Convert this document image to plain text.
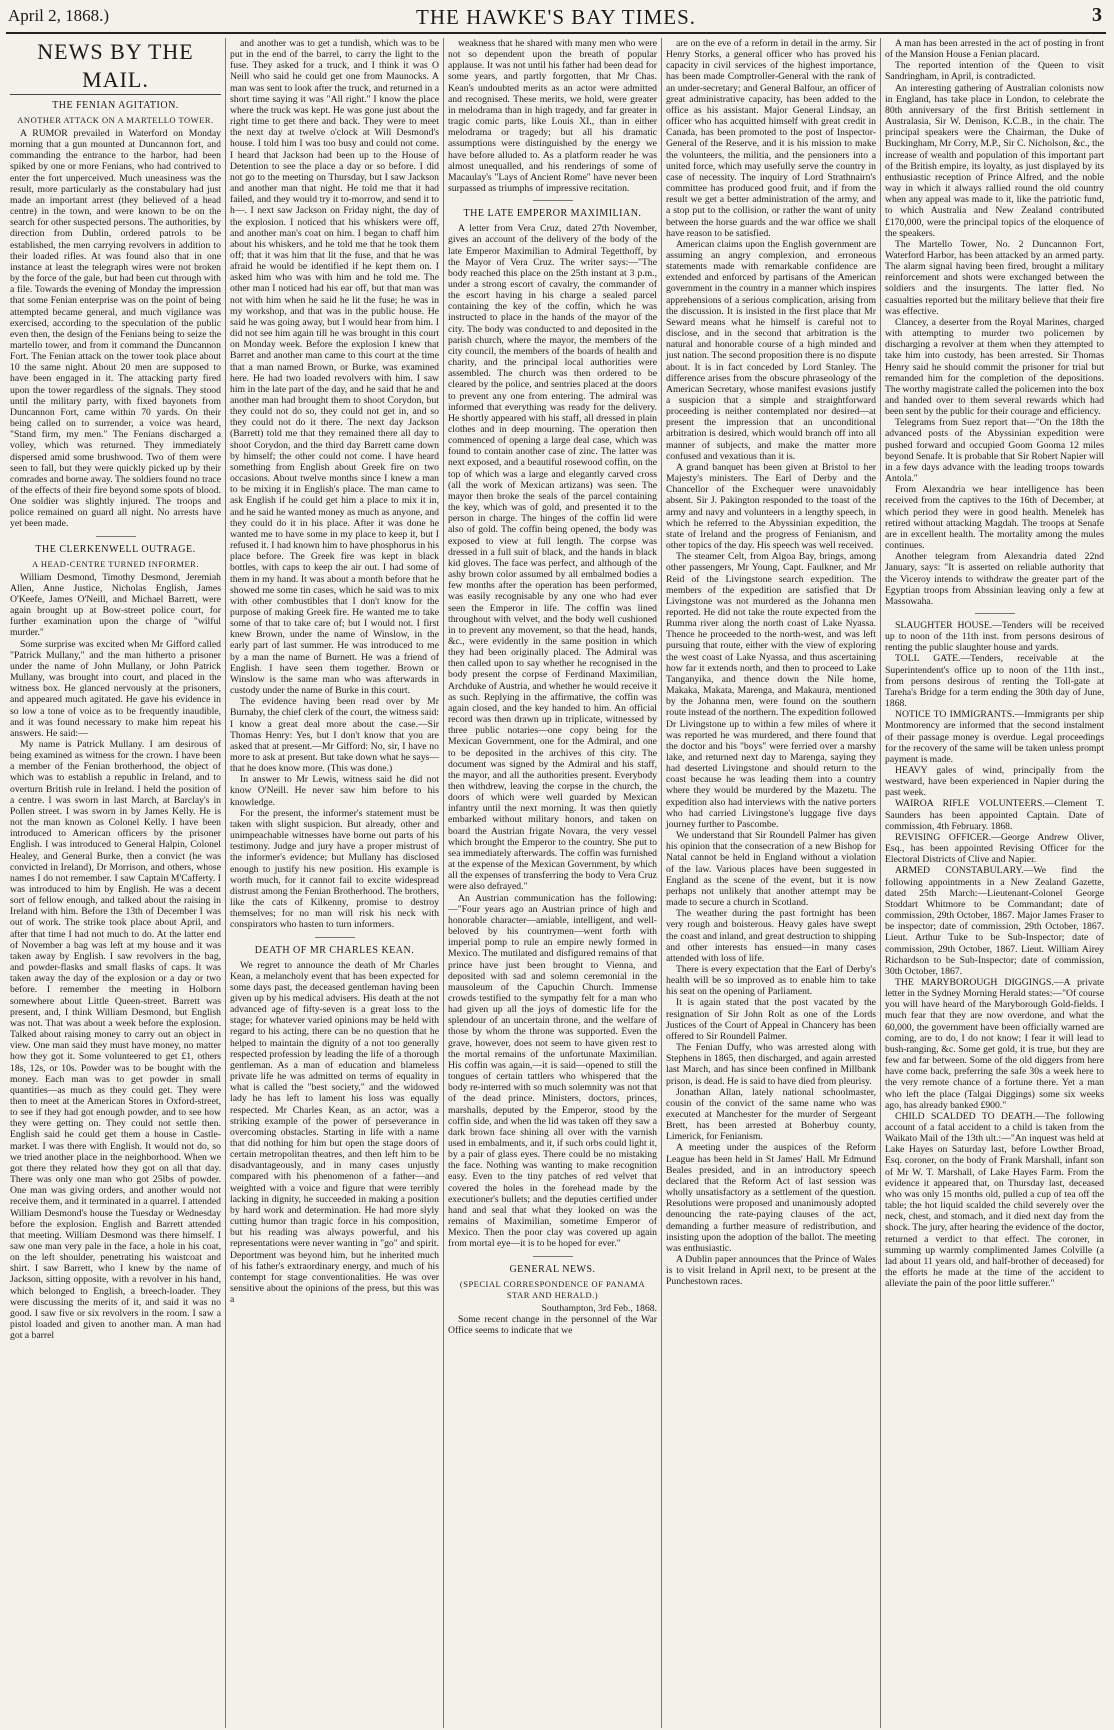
April 2, 1868.)	THE HAWKE'S BAY TIMES.	3
NEWS BY THE MAIL.
THE FENIAN AGITATION.
ANOTHER ATTACK ON A MARTELLO TOWER.

A RUMOR prevailed in Waterford on Monday morning that a gun mounted at Duncannon fort, and commanding the entrance to the harbor, had been spiked by one or more Fenians, who had contrived to enter the fort unperceived. Much uneasiness was the result, more particularly as the constabulary had just made an important arrest (they believed of a head centre) in the town, and were known to be on the search for other suspected persons. The authorities, by direction from Dublin, ordered patrols to be established, the men carrying revolvers in addition to their loaded rifles. At was found also that in one instance at least the telegraph wires were not broken by the force of the gale, but had been cut through with a file. Towards the evening of Monday the impression that some Fenian enterprise was on the point of being attempted became general, and much vigilance was exercised, according to the speculation of the public even then, the design of the Fenians being to seize the martello tower, and from it command the Duncannon Fort. The Fenian attack on the tower took place about 10 the same night. About 20 men are supposed to have been engaged in it. The attacking party fired upon the tower regardless of the signals. They stood until the military party, with fixed bayonets from Duncannon Fort, came within 70 yards. On their being called on to surrender, a voice was heard, "Stand firm, my men." The Fenians discharged a volley, which was returned. They immediately dispersed amid some brushwood. Two of them were seen to fall, but they were quickly picked up by their comrades and borne away. The soldiers found no trace of the effects of their fire beyond some spots of blood. One soldier was slightly injured. The troops and police remained on guard all night. No arrests have yet been made.

THE CLERKENWELL OUTRAGE.
A HEAD-CENTRE TURNED INFORMER.

William Desmond, Timothy Desmond, Jeremiah Allen, Anne Justice, Nicholas English, James O'Keefe, James O'Neill, and Michael Barrett, were again brought up at Bow-street police court, for further examination upon the charge of "wilful murder."

Some surprise was excited when Mr Gifford called "Patrick Mullany," and the man hitherto a prisoner under the name of John Mullany, or John Patrick Mullany, was brought into court, and placed in the witness box. He glanced nervously at the prisoners, and appeared much agitated. He gave his evidence in so low a tone of voice as to be frequently inaudible, and it was found necessary to make him repeat his answers. He said:—

My name is Patrick Mullany. I am desirous of being examined as witness for the crown. I have been a member of the Fenian brotherhood, the object of which was to establish a republic in Ireland, and to overturn British rule in Ireland. I held the position of a centre. I was sworn in last March, at Barclay's in Pollen street. I was sworn in by James Kelly. He is not the man known as Colonel Kelly. I have been introduced to American officers by the prisoner English. I was introduced to General Halpin, Colonel Healey, and General Burke, then a convict (he was convicted in Ireland), Dr Morrison, and others, whose names I do not remember. I saw Captain M'Cafferty. I was introduced to him by English. He was a decent sort of fellow enough, and talked about the raising in Ireland with him. Before the 13th of December I was out of work. The strike took place about April, and after that time I had not much to do. At the latter end of November a bag was left at my house and it was taken away by English. I saw revolvers in the bag, and powder-flasks and small flasks of caps. It was taken away the day of the explosion or a day or two before. I remember the meeting in Holborn somewhere about Little Queen-street. Barrett was present, and, I think William Desmond, but English was not. That was about a week before the explosion. Talked about raising money to carry out an object in view. One man said they must have money, no matter how they got it. Some volunteered to get £1, others 18s, 12s, or 10s. Powder was to be bought with the money. Each man was to get powder in small quantities—as much as they could get. They were then to meet at the American Stores in Oxford-street, to see if they had got enough powder, and to see how they were getting on. They could not settle then. English said he could get them a house in Castle-market. I was there with English. It would not do, so we tried another place in the neighborhood. When we got there they related how they got on all that day. There was only one man who got 25lbs of powder. One man was giving orders, and another would not receive them, and it terminated in a quarrel. I attended William Desmond's house the Tuesday or Wednesday before the explosion. English and Barrett attended that meeting. William Desmond was there himself. I saw one man very pale in the face, a hole in his coat, on the left shoulder, penetrating his waistcoat and shirt. I saw Barrett, who I knew by the name of Jackson, sitting opposite, with a revolver in his hand, which belonged to English, a breech-loader. They were discussing the merits of it, and said it was no good. I saw five or six revolvers in the room. I saw a pistol loaded and given to another man. A man had got a barrel

and another was to get a tundish, which was to be put in the end of the barrel, to carry the light to the fuse. They asked for a truck, and I think it was O Neill who said he could get one from Maunocks. A man was sent to look after the truck, and returned in a short time saying it was "All right." I know the place where the truck was kept. He was gone just about the right time to get there and back. They were to meet the next day at twelve o'clock at Will Desmond's house. I told him I was too busy and could not come. I heard that Jackson had been up to the House of Detention to see the place a day or so before. I did not go to the meeting on Thursday, but I saw Jackson and another man that night. He told me that it had failed, and they would try it to-morrow, and send it to h—. I next saw Jackson on Friday night, the day of the explosion. I noticed that his whiskers were off, and another man's coat on him. I began to chaff him about his whiskers, and he told me that he took them off; that it was him that lit the fuse, and that he was afraid he would be identified if he kept them on. I asked him who was with him and he told me. The other man I noticed had his ear off, but that man was not with him when he said he lit the fuse; he was in my workshop, and that was in the public house. He said he was going away, but I would hear from him. I did not see him again till he was brought in this court on Monday week. Before the explosion I knew that Barret and another man came to this court at the time that a man named Brown, or Burke, was examined here. He had two loaded revolvers with him. I saw him in the late part of the day, and he said that he and another man had brought them to shoot Corydon, but they could not do so, they could not get in, and so they could not do it there. The next day Jackson (Barrett) told me that they remained there all day to shoot Corydon, and the third day Barrett came down by himself; the other could not come. I have heard something from English about Greek fire on two occasions. About twelve months since I knew a man to be mixing it in English's place. The man came to ask English if he could get him a place to mix it in, and he said he wanted money as much as anyone, and they could do it in his place. After it was done he wanted me to have some in my place to keep it, but I refused it. I had known him to have phosphorus in his place before. The Greek fire was kept in black bottles, with caps to keep the air out. I had some of them in my hand. It was about a month before that he showed me some tin cases, which he said was to mix with other combustibles that I don't know for the purpose of making Greek fire. He wanted me to take some of that to take care of; but I would not. I first knew Brown, under the name of Winslow, in the early part of last summer. He was introduced to me by a man the name of Burnett. He was a friend of English. I have seen them together. Brown or Winslow is the same man who was afterwards in custody under the name of Burke in this court.

The evidence having been read over by Mr Burnaby, the chief clerk of the court, the witness said: I know a great deal more about the case.—Sir Thomas Henry: Yes, but I don't know that you are asked that at present.—Mr Gifford: No, sir, I have no more to ask at present. But take down what he says—that he does know more. (This was done.)

In answer to Mr Lewis, witness said he did not know O'Neill. He never saw him before to his knowledge.

For the present, the informer's statement must be taken with slight suspicion. But already, other and unimpeachable witnesses have borne out parts of his testimony. Judge and jury have a proper mistrust of the informer's evidence; but Mullany has disclosed enough to justify his new position. His example is worth much, for it cannot fail to excite widespread distrust among the Fenian Brotherhood. The brothers, like the cats of Kilkenny, promise to destroy themselves; for no man will risk his neck with conspirators who hasten to turn informers.

DEATH OF MR CHARLES KEAN.

We regret to announce the death of Mr Charles Kean, a melancholy event that has been expected for some days past, the deceased gentleman having been given up by his medical advisers. His death at the not advanced age of fifty-seven is a great loss to the stage; for whatever varied opinions may be held with regard to his acting, there can be no question that he helped to maintain the dignity of a not too generally respected profession by leading the life of a thorough gentleman. As a man of education and blameless private life he was admitted on terms of equality in what is called the "best society," and the widowed lady he has left to lament his loss was equally respected. Mr Charles Kean, as an actor, was a striking example of the power of perseverance in overcoming obstacles. Starting in life with a name that did nothing for him but open the stage doors of certain metropolitan theatres, and then left him to be disadvantageously, and in many cases unjustly compared with his phenomenon of a father—and weighted with a voice and figure that were terribly lacking in dignity, he succeeded in making a position by hard work and determination. He had more slyly cutting humor than tragic force in his composition, but his reading was always powerful, and his representations were never wanting in "go" and spirit. Deportment was beyond him, but he inherited much of his father's extraordinary energy, and much of his contempt for stage conventionalities. He was over sensitive about the opinions of the press, but this was a

weakness that he shared with many men who were not so dependent upon the breath of popular applause. It was not until his father had been dead for some years, and partly forgotten, that Mr Chas. Kean's undoubted merits as an actor were admitted and recognised. These merits, we hold, were greater in melodrama than in high tragedy, and far greater in tragic comic parts, like Louis XI., than in either melodrama or tragedy; but all his dramatic assumptions were distinguished by the energy we have before alluded to. As a platform reader he was almost unequalled, and his renderings of some of Macaulay's "Lays of Ancient Rome" have never been surpassed as triumphs of impressive recitation.

THE LATE EMPEROR MAXIMILIAN.

A letter from Vera Cruz, dated 27th November, gives an account of the delivery of the body of the late Emperor Maximilian to Admiral Tegetthoff, by the Mayor of Vera Cruz. The writer says:—"The body reached this place on the 25th instant at 3 p.m., under a strong escort of cavalry, the commander of the escort having in his charge a sealed parcel containing the key of the coffin, which he was instructed to place in the hands of the mayor of the city. The body was conducted to and deposited in the parish church, where the mayor, the members of the city council, the members of the boards of health and charity, and the principal local authorities were assembled. The church was then ordered to be cleared by the police, and sentries placed at the doors to prevent any one from entering. The admiral was informed that everything was ready for the delivery. He shortly appeared with his staff, all dressed in plain clothes and in deep mourning. The operation then commenced of opening a large deal case, which was found to contain another case of zinc. The latter was next exposed, and a beautiful rosewood coffin, on the top of which was a large and elegantly carved cross (all the work of Mexican artizans) was seen. The mayor then broke the seals of the parcel containing the key, which was of gold, and presented it to the person in charge. The hinges of the coffin lid were also of gold. The coffin being opened, the body was exposed to view at full length. The corpse was dressed in a full suit of black, and the hands in black kid gloves. The face was perfect, and although of the ashy brown color assumed by all embalmed bodies a few months after the operation has been performed, was easily recognisable by any one who had ever seen the Emperor in life. The coffin was lined throughout with velvet, and the body well cushioned in to prevent any movement, so that the head, hands, &c., were evidently in the same position in which they had been originally placed. The Admiral was then called upon to say whether he recognised in the body present the corpse of Ferdinand Maximilian, Archduke of Austria, and whether he would receive it as such. Replying in the affirmative, the coffin was again closed, and the key handed to him. An official record was then drawn up in triplicate, witnessed by three public notaries—one copy being for the Mexican Government, one for the Admiral, and one to be deposited in the archives of this city. The document was signed by the Admiral and his staff, the mayor, and all the authorities present. Everybody then withdrew, leaving the corpse in the church, the doors of which were well guarded by Mexican infantry until the next morning. It was then quietly embarked without military honors, and taken on board the Austrian frigate Novara, the very vessel which brought the Emperor to the country. She put to sea immediately afterwards. The coffin was furnished at the expense of the Mexican Government, by which all the expenses of transferring the body to Vera Cruz were also defrayed."

An Austrian communication has the following:—"Four years ago an Austrian prince of high and honorable character—amiable, intelligent, and well-beloved by his countrymen—went forth with imperial pomp to rule an empire newly formed in Mexico. The mutilated and disfigured remains of that prince have just been brought to Vienna, and deposited with sad and solemn ceremonial in the mausoleum of the Capuchin Church. Immense crowds testified to the sympathy felt for a man who had given up all the joys of domestic life for the splendour of an uncertain throne, and the welfare of those by whom the throne was supported. Even the grave, however, does not seem to have given rest to the mortal remains of the unfortunate Maximilian. His coffin was again,—it is said—opened to still the tongues of certain tattlers who whispered that the body re-interred with so much solemnity was not that of the dead prince. Ministers, doctors, princes, marshalls, deputed by the Emperor, stood by the coffin side, and when the lid was taken off they saw a dark brown face shining all over with the varnish used in embalments, and it, if such orbs could light it, by a pair of glass eyes. There could be no mistaking the face. Nothing was wanting to make recognition easy. Even to the tiny patches of red velvet that covered the holes in the forehead made by the executioner's bullets; and the deputies certified under hand and seal that what they looked on was the remains of Maximilian, sometime Emperor of Mexico. Then the poor clay was covered up again from mortal eye—it is to be hoped for ever."

GENERAL NEWS.
(SPECIAL CORRESPONDENCE OF PANAMA STAR AND HERALD.)

Southampton, 3rd Feb., 1868.

Some recent change in the personnel of the War Office seems to indicate that we

are on the eve of a reform in detail in the army. Sir Henry Storks, a general officer who has proved his capacity in civil services of the highest importance, has been made Comptroller-General with the rank of an under-secretary; and General Balfour, an officer of great administrative capacity, has been added to the office as his assistant. Major General Lindsay, an officer who has acquitted himself with great credit in Canada, has been promoted to the post of Inspector-General of the Reserve, and it is his mission to make the volunteers, the militia, and the pensioners into a united force, which may usefully serve the country in case of necessity. The inquiry of Lord Strathnairn's committee has produced good fruit, and if from the result we get a better administration of the army, and a stop put to the collision, or rather the want of unity between the horse guards and the war office we shall have reason to be satisfied.

American claims upon the English government are assuming an angry complexion, and erroneous statements made with remarkable confidence are extended and enforced by partisans of the American government in the country in a manner which inspires apprehensions of a serious complication, arising from the discussion. It is insisted in the first place that Mr Seward means what he himself is careful not to disclose, and in the second that arbitration is the natural and honorable course of a high minded and just nation. The second proposition there is no dispute about. It is in fact conceded by Lord Stanley. The difference arises from the obscure phraseology of the American Secretary, whose manifest evasions justify a suspicion that a simple and straightforward proceeding is neither contemplated nor desired—at present the impression that an unconditional arbitration is desired, which would branch off into all manner of subjects, and make the matter more confused and vexatious than it is.

A grand banquet has been given at Bristol to her Majesty's ministers. The Earl of Derby and the Chancellor of the Exchequer were unavoidably absent. Sir J. Pakington responded to the toast of the army and navy and volunteers in a lengthy speech, in which he referred to the Abyssinian expedition, the state of Ireland and the progress of Fenianism, and other topics of the day. His speech was well received.

The steamer Celt, from Algoa Bay, brings, among other passengers, Mr Young, Capt. Faulkner, and Mr Reid of the Livingstone search expedition. The members of the expedition are satisfied that Dr Livingstone was not murdered as the Johanna men reported. He did not take the route expected from the Rumma river along the north coast of Lake Nyassa. Thence he proceeded to the north-west, and was left pursuing that route, either with the view of exploring the west coast of Lake Nyassa, and thus ascertaining how far it extends north, and then to proceed to Lake Tanganyika, and thence down the Nile home, Makaka, Makata, Marenga, and Makaura, mentioned by the Johanna men, were found on the southern route instead of the northern. The expedition followed Dr Livingstone up to within a few miles of where it was reported he was murdered, and there found that the doctor and his "boys" were ferried over a marshy lake, and returned next day to Marenga, saying they had deserted Livingstone and should return to the coast because he was leading them into a country where they would be murdered by the Mazetu. The expedition also had interviews with the native porters who had carried Livingstone's luggage five days journey further to Pascombe.

We understand that Sir Roundell Palmer has given his opinion that the consecration of a new Bishop for Natal cannot be held in England without a violation of the law. Various places have been suggested in England as the scene of the event, but it is now perhaps not unlikely that another attempt may be made to secure a church in Scotland.

The weather during the past fortnight has been very rough and boisterous. Heavy gales have swept the coast and inland, and great destruction to shipping and other interests has ensued—in many cases attended with loss of life.

There is every expectation that the Earl of Derby's health will be so improved as to enable him to take his seat on the opening of Parliament.

It is again stated that the post vacated by the resignation of Sir John Rolt as one of the Lords Justices of the Court of Appeal in Chancery has been offered to Sir Roundell Palmer.

The Fenian Duffy, who was arrested along with Stephens in 1865, then discharged, and again arrested last March, and has since been confined in Millbank prison, is dead. He is said to have died from pleurisy.

Jonathan Allan, lately national schoolmaster, cousin of the convict of the same name who was executed at Manchester for the murder of Sergeant Brett, has been arrested at Boherbuy county, Limerick, for Fenianism.

A meeting under the auspices of the Reform League has been held in St James' Hall. Mr Edmund Beales presided, and in an introductory speech declared that the Reform Act of last session was wholly unsatisfactory as a settlement of the question. Resolutions were proposed and unanimously adopted denouncing the rate-paying clauses of the act, demanding a further measure of redistribution, and insisting upon the adoption of the ballot. The meeting was enthusiastic.

A Dublin paper announces that the Prince of Wales is to visit Ireland in April next, to be present at the Punchestown races.

A man has been arrested in the act of posting in front of the Mansion House a Fenian placard.

The reported intention of the Queen to visit Sandringham, in April, is contradicted.

An interesting gathering of Australian colonists now in England, has take place in London, to celebrate the 80th anniversary of the first British settlement in Australasia, Sir W. Denison, K.C.B., in the chair. The principal speakers were the Chairman, the Duke of Buckingham, Mr Corry, M.P., Sir C. Nicholson, &c., the increase of wealth and population of this important part of the British empire, its loyalty, as just displayed by its enthusiastic reception of Prince Alfred, and the noble way in which it always rallied round the old country when any appeal was made to it, like the patriotic fund, to which Australia and New Zealand contributed £170,000, were the principal topics of the eloquence of the speakers.

The Martello Tower, No. 2 Duncannon Fort, Waterford Harbor, has been attacked by an armed party. The alarm signal having been fired, brought a military reinforcement and shots were exchanged between the soldiers and the insurgents. The latter fled. No casualties reported but the military believe that their fire was effective.

Clancey, a deserter from the Royal Marines, charged with attempting to murder two policemen by discharging a revolver at them when they attempted to take him into custody, has been arrested. Sir Thomas Henry said he should commit the prisoner for trial but remanded him for the completion of the depositions. The worthy magistrate called the policemen into the box and handed over to them several rewards which had been sent by the public for their courage and efficiency.

Telegrams from Suez report that—"On the 18th the advanced posts of the Abyssinian expedition were pushed forward and occupied Goom Gooma 12 miles beyond Senafe. It is probable that Sir Robert Napier will in a few days advance with the leading troops towards Antola."

From Alexandria we hear intelligence has been received from the captives to the 16th of December, at which period they were in good health. Menelek has retired without attacking Magdah. The troops at Senafe are in excellent health. The mortality among the mules continues.

Another telegram from Alexandria dated 22nd January, says: "It is asserted on reliable authority that the Viceroy intends to withdraw the greater part of the Egyptian troops from Abssinian leaving only a few at Massowaha.

SLAUGHTER HOUSE.—Tenders will be received up to noon of the 11th inst. from persons desirous of renting the public slaughter house and yards.

TOLL GATE.—Tenders, receivable at the Superintendent's office up to noon of the 11th inst., from persons desirous of renting the Toll-gate at Tareha's Bridge for a term ending the 30th day of June, 1868.

NOTICE TO IMMIGRANTS.—Immigrants per ship Montmorency are informed that the second instalment of their passage money is overdue. Legal proceedings for the recovery of the same will be taken unless prompt payment is made.

HEAVY gales of wind, principally from the westward, have been experienced in Napier during the past week.

WAIROA RIFLE VOLUNTEERS.—Clement T. Saunders has been appointed Captain. Date of commission, 4th February. 1868.

REVISING OFFICER.—George Andrew Oliver, Esq., has been appointed Revising Officer for the Electoral Districts of Clive and Napier.

ARMED CONSTABULARY.—We find the following appointments in a New Zealand Gazette, dated 25th March:—Lieutenant-Colonel George Stoddart Whitmore to be Commandant; date of commission, 29th October, 1867. Major James Fraser to be inspector; date of commission, 29th October, 1867. Lieut. Arthur Tuke to be Sub-Inspector; date of commission, 29th October, 1867. Lieut. William Airey Richardson to be Sub-Inspector; date of commission, 30th October, 1867.

THE MARYBOROUGH DIGGINGS.—A private letter in the Sydney Morning Herald states:—"Of course you will have heard of the Maryborough Gold-fields. I much fear that they are now overdone, and what the 60,000, the government have been officially warned are coming, are to do, I do not know; I fear it will lead to bush-ranging, &c. Some get gold, it is true, but they are few and far between. Some of the old diggers from here have come back, preferring the safe 30s a week here to the very remote chance of a fortune there. Yet a man who left the place (Talgai Diggings) some six weeks ago, has already banked £900."

CHILD SCALDED TO DEATH.—The following account of a fatal accident to a child is taken from the Waikato Mail of the 13th ult.:—"An inquest was held at Lake Hayes on Saturday last, before Lowther Broad, Esq. coroner, on the body of Frank Marshall, infant son of Mr W. T. Marshall, of Lake Hayes Farm. From the evidence it appeared that, on Thursday last, deceased who was only 15 months old, pulled a cup of tea off the table; the hot liquid scalded the child severely over the neck, chest, and stomach, and it died next day from the shock. The jury, after hearing the evidence of the doctor, returned a verdict to that effect. The coroner, in summing up warmly complimented James Colville (a lad about 11 years old, and half-brother of deceased) for the efforts he made at the time of the accident to alleviate the pain of the poor little sufferer."
